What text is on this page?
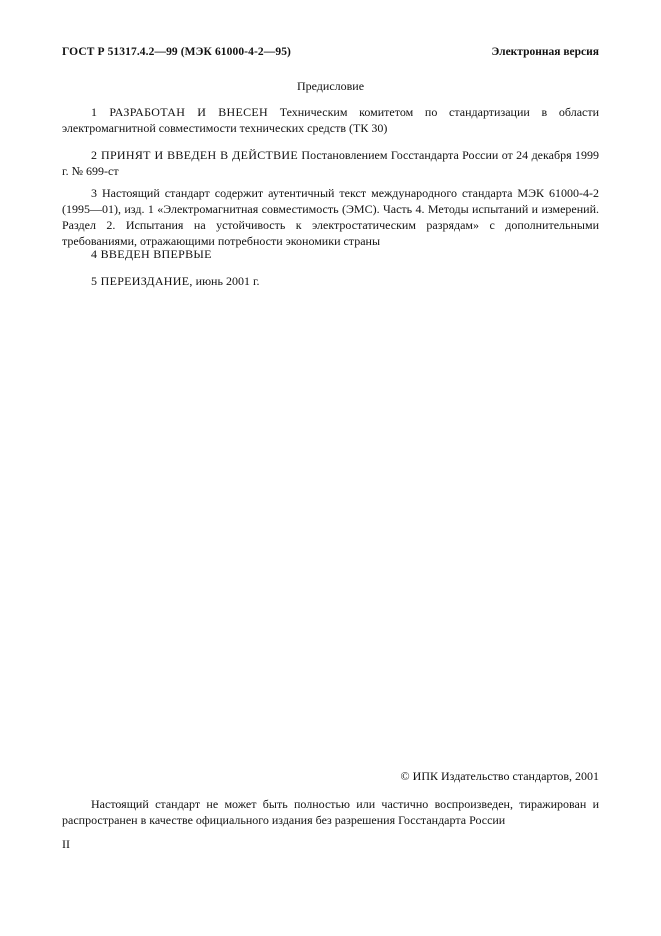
ГОСТ Р 51317.4.2—99 (МЭК 61000-4-2—95)	Электронная версия
Предисловие
1 РАЗРАБОТАН И ВНЕСЕН Техническим комитетом по стандартизации в области электромагнитной совместимости технических средств (ТК 30)
2 ПРИНЯТ И ВВЕДЕН В ДЕЙСТВИЕ Постановлением Госстандарта России от 24 декабря 1999 г. № 699-ст
3 Настоящий стандарт содержит аутентичный текст международного стандарта МЭК 61000-4-2 (1995—01), изд. 1 «Электромагнитная совместимость (ЭМС). Часть 4. Методы испытаний и измерений. Раздел 2. Испытания на устойчивость к электростатическим разрядам» с дополнительными требованиями, отражающими потребности экономики страны
4 ВВЕДЕН ВПЕРВЫЕ
5 ПЕРЕИЗДАНИЕ, июнь 2001 г.
© ИПК Издательство стандартов, 2001
Настоящий стандарт не может быть полностью или частично воспроизведен, тиражирован и распространен в качестве официального издания без разрешения Госстандарта России
II
